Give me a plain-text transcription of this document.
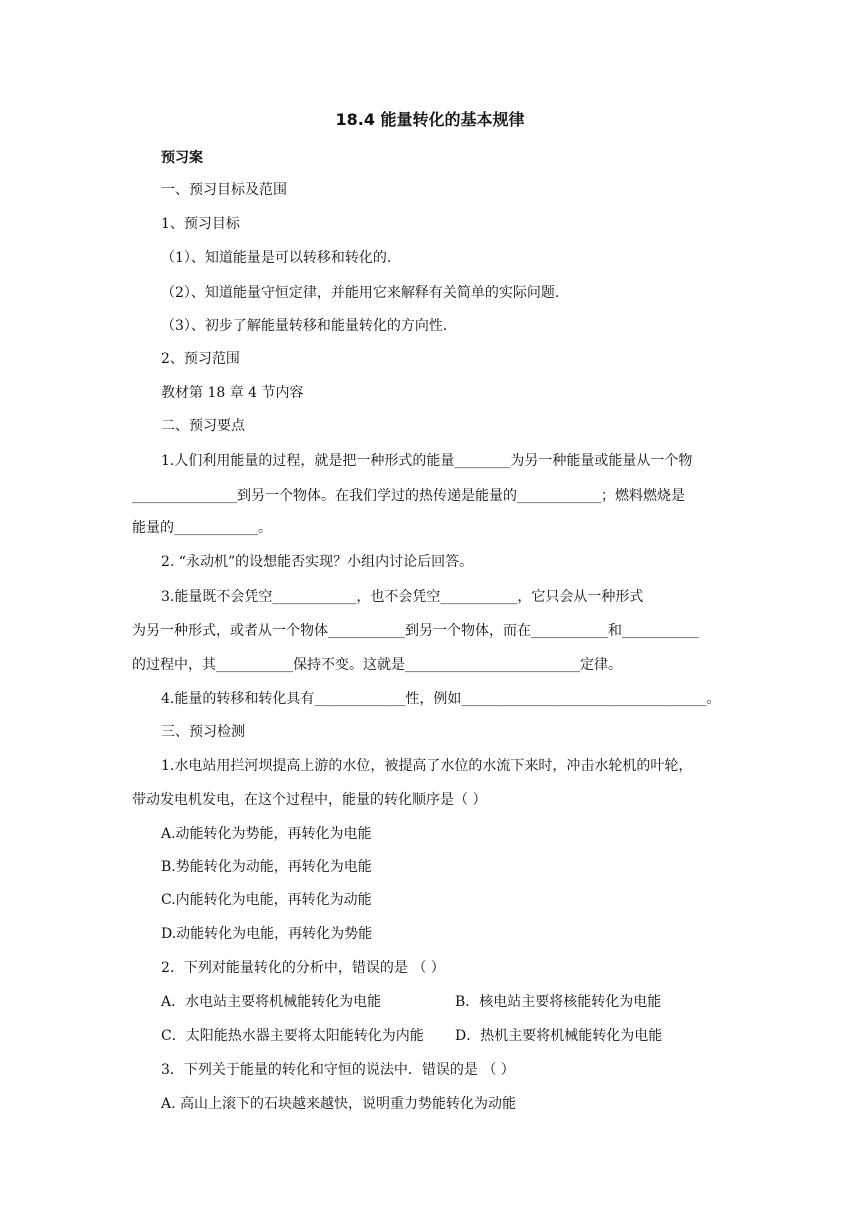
18.4 能量转化的基本规律
预习案
一、预习目标及范围
1、预习目标
（1）、知道能量是可以转移和转化的.
（2）、知道能量守恒定律，并能用它来解释有关简单的实际问题.
（3）、初步了解能量转移和能量转化的方向性.
2、预习范围
教材第 18 章 4 节内容
二、预习要点
1.人们利用能量的过程，就是把一种形式的能量________为另一种能量或能量从一个物
_______________到另一个物体。在我们学过的热传递是能量的____________；燃料燃烧是
能量的____________。
2. “永动机”的设想能否实现？小组内讨论后回答。
3.能量既不会凭空____________，也不会凭空___________，它只会从一种形式
为另一种形式，或者从一个物体___________到另一个物体，而在___________和___________
的过程中，其___________保持不变。这就是_________________________定律。
4.能量的转移和转化具有_____________性，例如___________________________________。
三、预习检测
1.水电站用拦河坝提高上游的水位，被提高了水位的水流下来时，冲击水轮机的叶轮，
带动发电机发电，在这个过程中，能量的转化顺序是（ ）
A.动能转化为势能，再转化为电能
B.势能转化为动能，再转化为电能
C.内能转化为电能，再转化为动能
D.动能转化为电能，再转化为势能
2．下列对能量转化的分析中，错误的是 （ ）
A．水电站主要将机械能转化为电能	B．核电站主要将核能转化为电能
C．太阳能热水器主要将太阳能转化为内能 D．热机主要将机械能转化为电能
3．下列关于能量的转化和守恒的说法中．错误的是 （ ）
A. 高山上滚下的石块越来越快，说明重力势能转化为动能
